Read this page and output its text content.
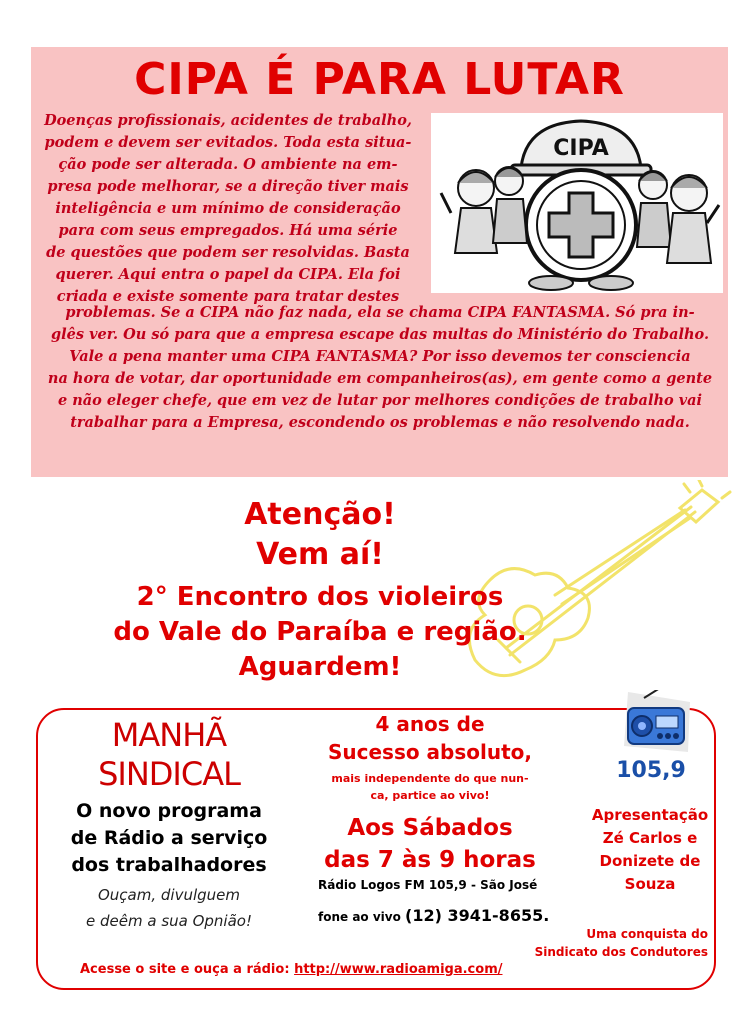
CIPA É PARA LUTAR
Doenças profissionais, acidentes de trabalho,
podem e devem ser evitados. Toda esta situa-
ção pode ser alterada. O ambiente na em-
presa pode melhorar, se a direção tiver mais
inteligência e um mínimo de consideração
para com seus empregados. Há uma série
de questões que podem ser resolvidas. Basta
querer. Aqui entra o papel da CIPA. Ela foi
criada e existe somente para tratar destes
CIPA
problemas. Se a CIPA não faz nada, ela se chama CIPA FANTASMA. Só pra in-
glês ver. Ou só para que a empresa escape das multas do Ministério do Trabalho.
Vale a pena manter uma CIPA FANTASMA? Por isso devemos ter consciencia
na hora de votar, dar oportunidade em companheiros(as), em gente como a gente
e não eleger chefe, que em vez de lutar por melhores condições de trabalho vai
trabalhar para a Empresa, escondendo os problemas e não resolvendo nada.
Atenção!
Vem aí!
2° Encontro dos violeiros
do Vale do Paraíba e região.
Aguardem!
MANHÃ
SINDICAL
O novo programa
de Rádio a serviço
dos trabalhadores
Ouçam, divulguem
e deêm a sua Opnião!
4 anos de
Sucesso absoluto,
mais independente do que nun-
ca, partice ao vivo!
Aos Sábados
das 7 às 9 horas
Rádio Logos FM 105,9 - São José
fone ao vivo (12) 3941-8655.
105,9
Apresentação
Zé Carlos e
Donizete de
Souza
Uma conquista do
Sindicato dos Condutores
Acesse o site e ouça a rádio: http://www.radioamiga.com/
